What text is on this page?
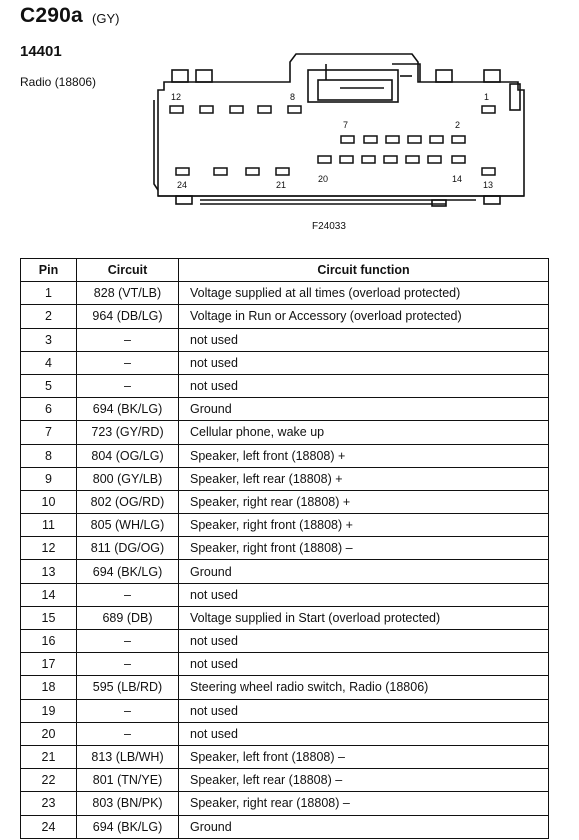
C290a (GY)
14401
Radio (18806)
12	8	1
7	2
24	21
20	14
13
F24033
Pin	Circuit	Circuit function
1	828 (VT/LB)	Voltage supplied at all times (overload protected)
2	964 (DB/LG)	Voltage in Run or Accessory (overload protected)
3	–	not used
4	–	not used
5	–	not used
6	694 (BK/LG)	Ground
7	723 (GY/RD)	Cellular phone, wake up
8	804 (OG/LG)	Speaker, left front (18808) +
9	800 (GY/LB)	Speaker, left rear (18808) +
10	802 (OG/RD)	Speaker, right rear (18808) +
11	805 (WH/LG)	Speaker, right front (18808) +
12	811 (DG/OG)	Speaker, right front (18808) –
13	694 (BK/LG)	Ground
14	–	not used
15	689 (DB)	Voltage supplied in Start (overload protected)
16	–	not used
17	–	not used
18	595 (LB/RD)	Steering wheel radio switch, Radio (18806)
19	–	not used
20	–	not used
21	813 (LB/WH)	Speaker, left front (18808) –
22	801 (TN/YE)	Speaker, left rear (18808) –
23	803 (BN/PK)	Speaker, right rear (18808) –
24	694 (BK/LG)	Ground
